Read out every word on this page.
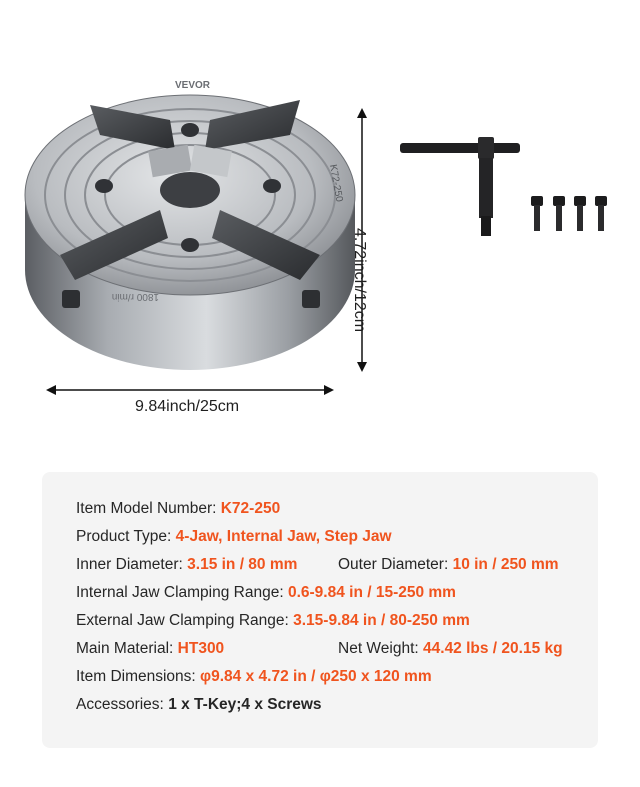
VEVOR
K72-250
1800 r/min
9.84inch/25cm
4.72inch/12cm
Item Model Number: K72-250
Product Type: 4-Jaw, Internal Jaw, Step Jaw
Inner Diameter: 3.15 in / 80 mm	Outer Diameter: 10 in / 250 mm
Internal Jaw Clamping Range: 0.6-9.84 in / 15-250 mm
External Jaw Clamping Range: 3.15-9.84 in / 80-250 mm
Main Material: HT300	Net Weight: 44.42 lbs / 20.15 kg
Item Dimensions: φ9.84 x 4.72 in / φ250 x 120 mm
Accessories: 1 x T-Key;4 x Screws
